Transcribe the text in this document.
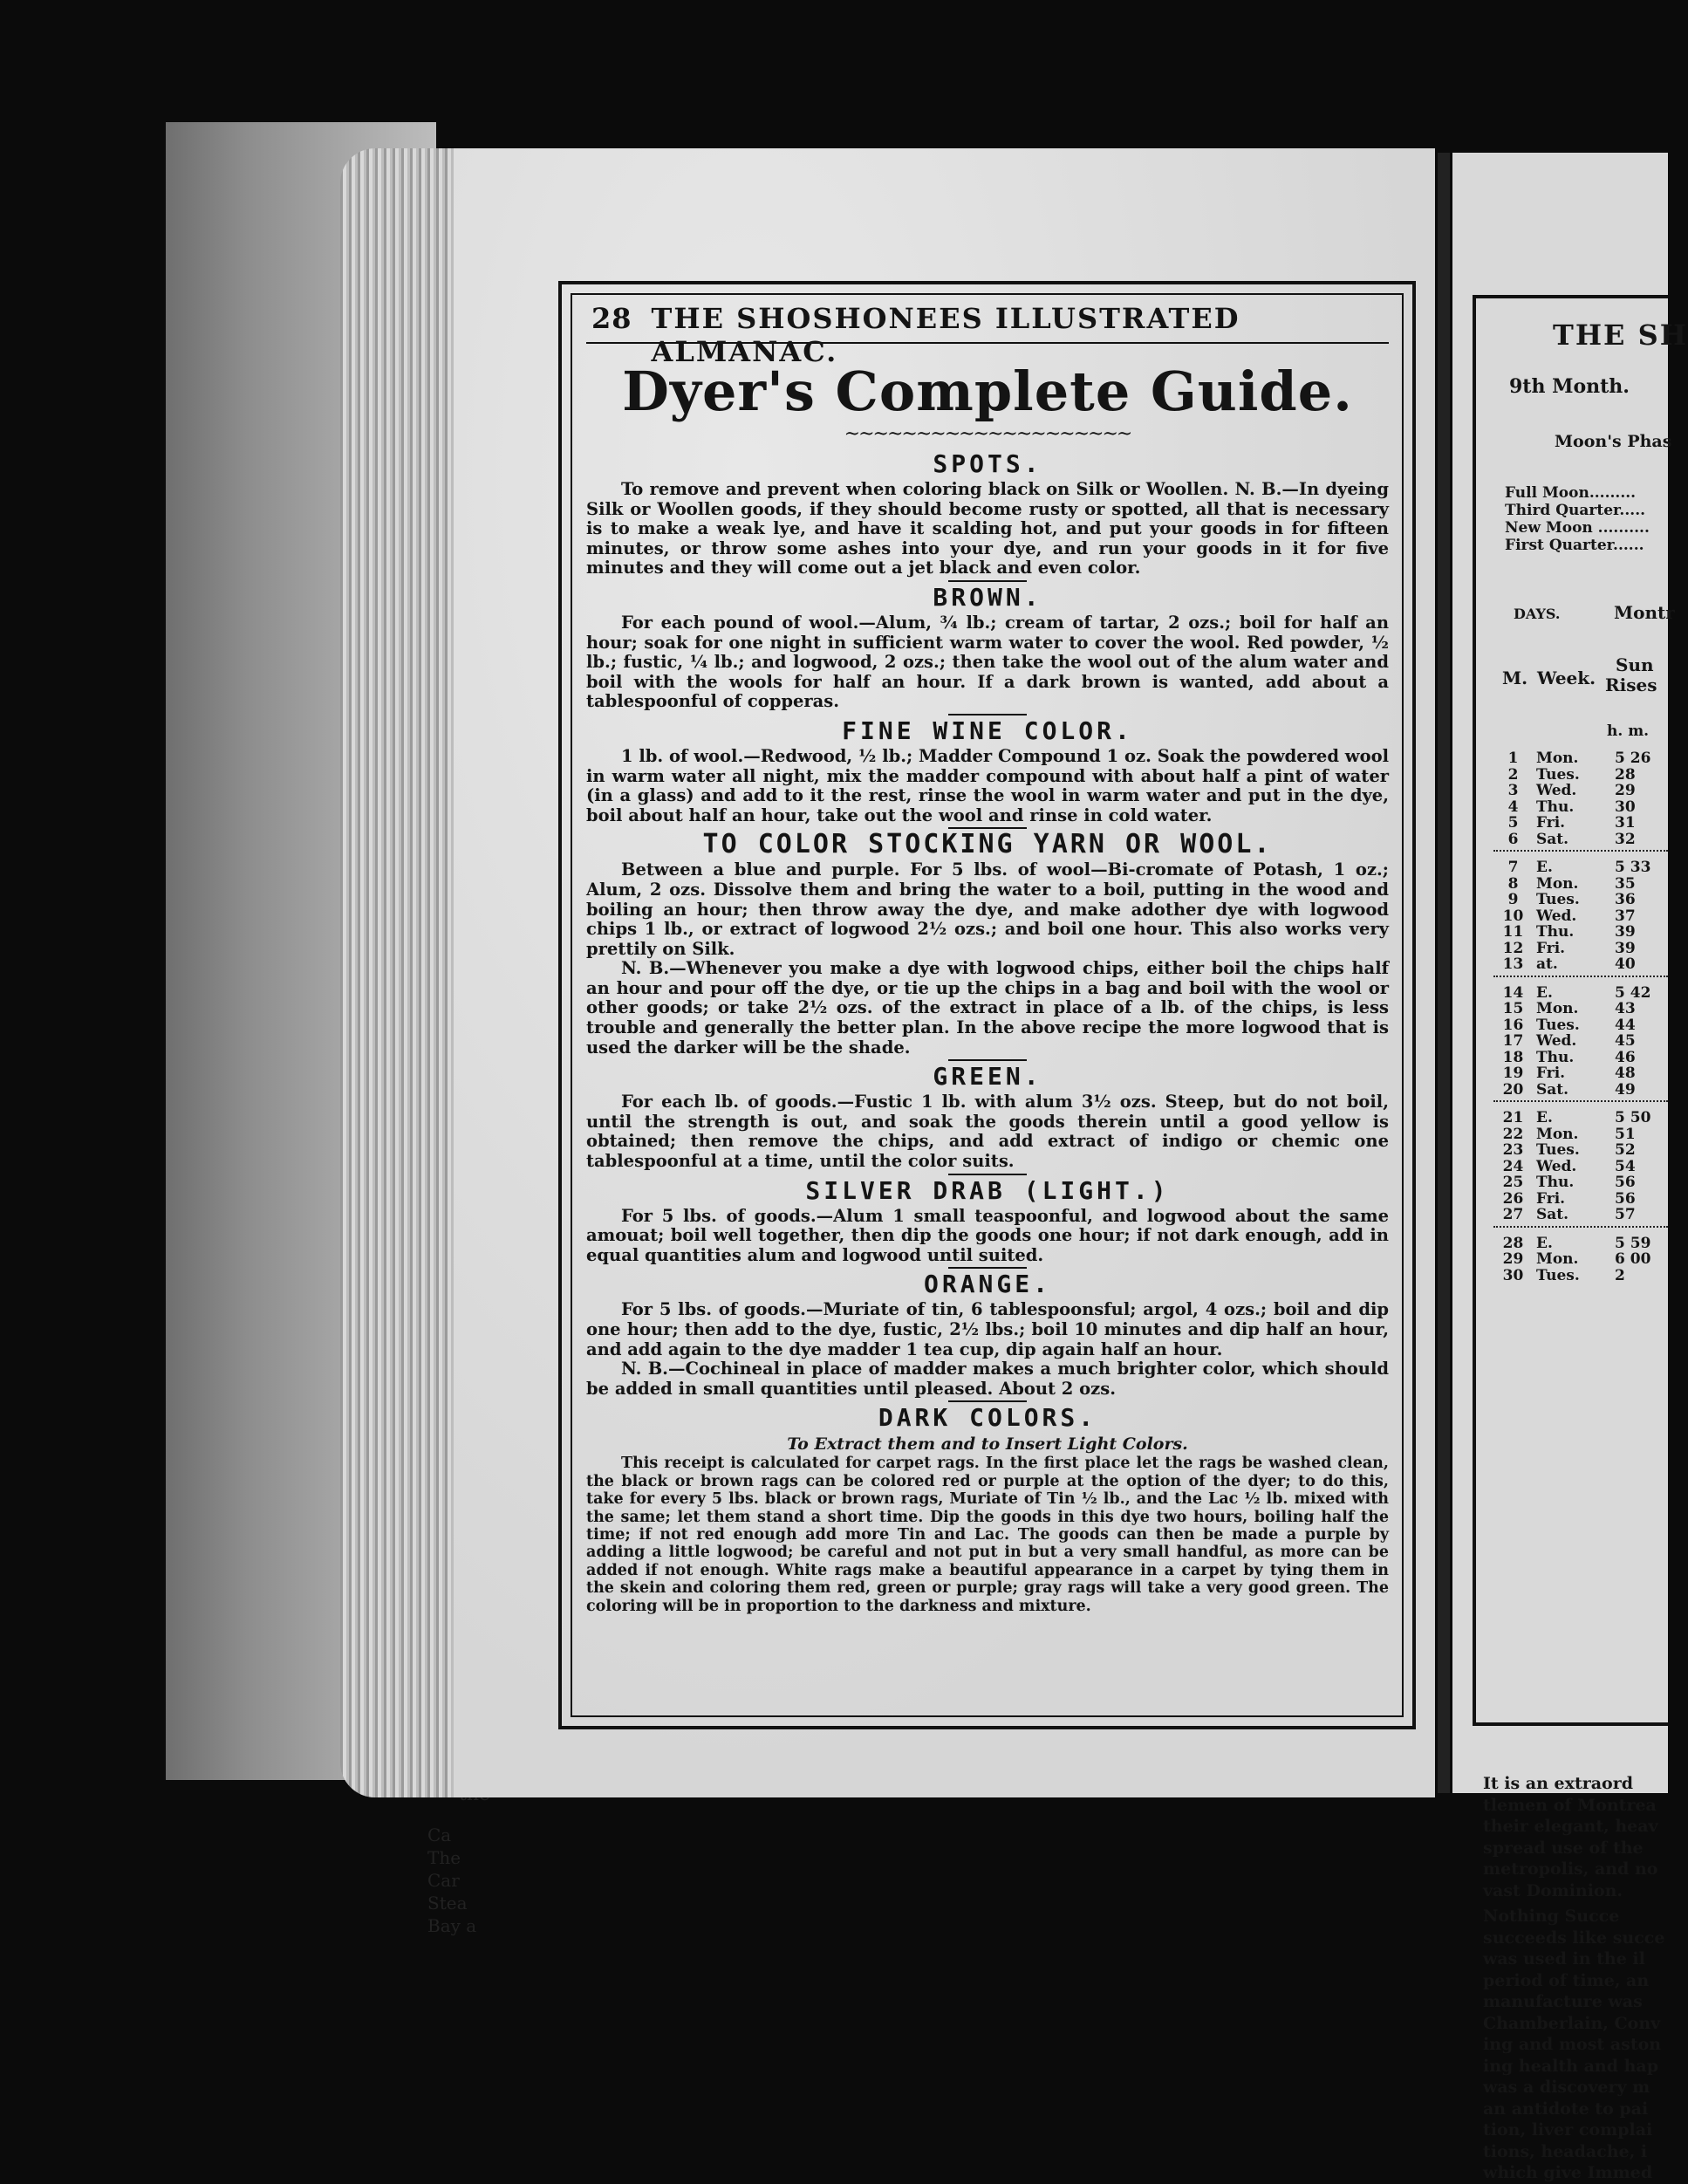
Ca
The
Car
Stea
Bay a
28 THE SHOSHONEES ILLUSTRATED ALMANAC.
Dyer's Complete Guide.
~~~~~~~~~~~~~~~~~~~~
SPOTS.

To remove and prevent when coloring black on Silk or Woollen. N. B.—In dyeing Silk or Woollen goods, if they should become rusty or spotted, all that is necessary is to make a weak lye, and have it scalding hot, and put your goods in for fifteen minutes, or throw some ashes into your dye, and run your goods in it for five minutes and they will come out a jet black and even color.

BROWN.

For each pound of wool.—Alum, ¾ lb.; cream of tartar, 2 ozs.; boil for half an hour; soak for one night in sufficient warm water to cover the wool. Red powder, ½ lb.; fustic, ¼ lb.; and logwood, 2 ozs.; then take the wool out of the alum water and boil with the wools for half an hour. If a dark brown is wanted, add about a tablespoonful of copperas.

FINE WINE COLOR.

1 lb. of wool.—Redwood, ½ lb.; Madder Compound 1 oz. Soak the powdered wool in warm water all night, mix the madder compound with about half a pint of water (in a glass) and add to it the rest, rinse the wool in warm water and put in the dye, boil about half an hour, take out the wool and rinse in cold water.

TO COLOR STOCKING YARN OR WOOL.

Between a blue and purple. For 5 lbs. of wool—Bi-cromate of Potash, 1 oz.; Alum, 2 ozs. Dissolve them and bring the water to a boil, putting in the wood and boiling an hour; then throw away the dye, and make adother dye with logwood chips 1 lb., or extract of logwood 2½ ozs.; and boil one hour. This also works very prettily on Silk.

N. B.—Whenever you make a dye with logwood chips, either boil the chips half an hour and pour off the dye, or tie up the chips in a bag and boil with the wool or other goods; or take 2½ ozs. of the extract in place of a lb. of the chips, is less trouble and generally the better plan. In the above recipe the more logwood that is used the darker will be the shade.

GREEN.

For each lb. of goods.—Fustic 1 lb. with alum 3½ ozs. Steep, but do not boil, until the strength is out, and soak the goods therein until a good yellow is obtained; then remove the chips, and add extract of indigo or chemic one tablespoonful at a time, until the color suits.

SILVER DRAB (LIGHT.)

For 5 lbs. of goods.—Alum 1 small teaspoonful, and logwood about the same amouat; boil well together, then dip the goods one hour; if not dark enough, add in equal quantities alum and logwood until suited.

ORANGE.

For 5 lbs. of goods.—Muriate of tin, 6 tablespoonsful; argol, 4 ozs.; boil and dip one hour; then add to the dye, fustic, 2½ lbs.; boil 10 minutes and dip half an hour, and add again to the dye madder 1 tea cup, dip again half an hour.

N. B.—Cochineal in place of madder makes a much brighter color, which should be added in small quantities until pleased. About 2 ozs.

DARK COLORS.
To Extract them and to Insert Light Colors.

This receipt is calculated for carpet rags. In the first place let the rags be washed clean, the black or brown rags can be colored red or purple at the option of the dyer; to do this, take for every 5 lbs. black or brown rags, Muriate of Tin ½ lb., and the Lac ½ lb. mixed with the same; let them stand a short time. Dip the goods in this dye two hours, boiling half the time; if not red enough add more Tin and Lac. The goods can then be made a purple by adding a little logwood; be careful and not put in but a very small handful, as more can be added if not enough. White rags make a beautiful appearance in a carpet by tying them in the skein and coloring them red, green or purple; gray rags will take a very good green. The coloring will be in proportion to the darkness and mixture.

THE SH
9th Month.
Moon's Phas
Full Moon.........
Third Quarter.....
New Moon ..........
First Quarter......
DAYS.	Montr
M. Week.
Sun
Rises
h. m.
1	Mon.	5 26
2	Tues.	28
3	Wed.	29
4	Thu.	30
5	Fri.	31
6	Sat.	32
7	E.	5 33
8	Mon.	35
9	Tues.	36
10 Wed.	37
11 Thu.	39
12 Fri.	39
13 at.	40
14 E.	5 42
15 Mon.	43
16 Tues.	44
17 Wed.	45
18 Thu.	46
19 Fri.	48
20 Sat.	49
21 E.	5 50
22 Mon.	51
23 Tues.	52
24 Wed.	54
25 Thu.	56
26 Fri.	56
27 Sat.	57
28 E.	5 59
29 Mon.	6 00
30 Tues.	2
It is an extraord
tlemen of Montrea
their elegant, heav
spread use of the
metropolis, and no
vast Dominion.
Nothing Succe
succeeds like succe
was used in the il
period of time, an
manufacture was
Chamberlain, Conv
ing and most aston
ing health and hap
was a discovery m
an antidote to pai
tion, liver complai
tions, headache, i
which give Immed
